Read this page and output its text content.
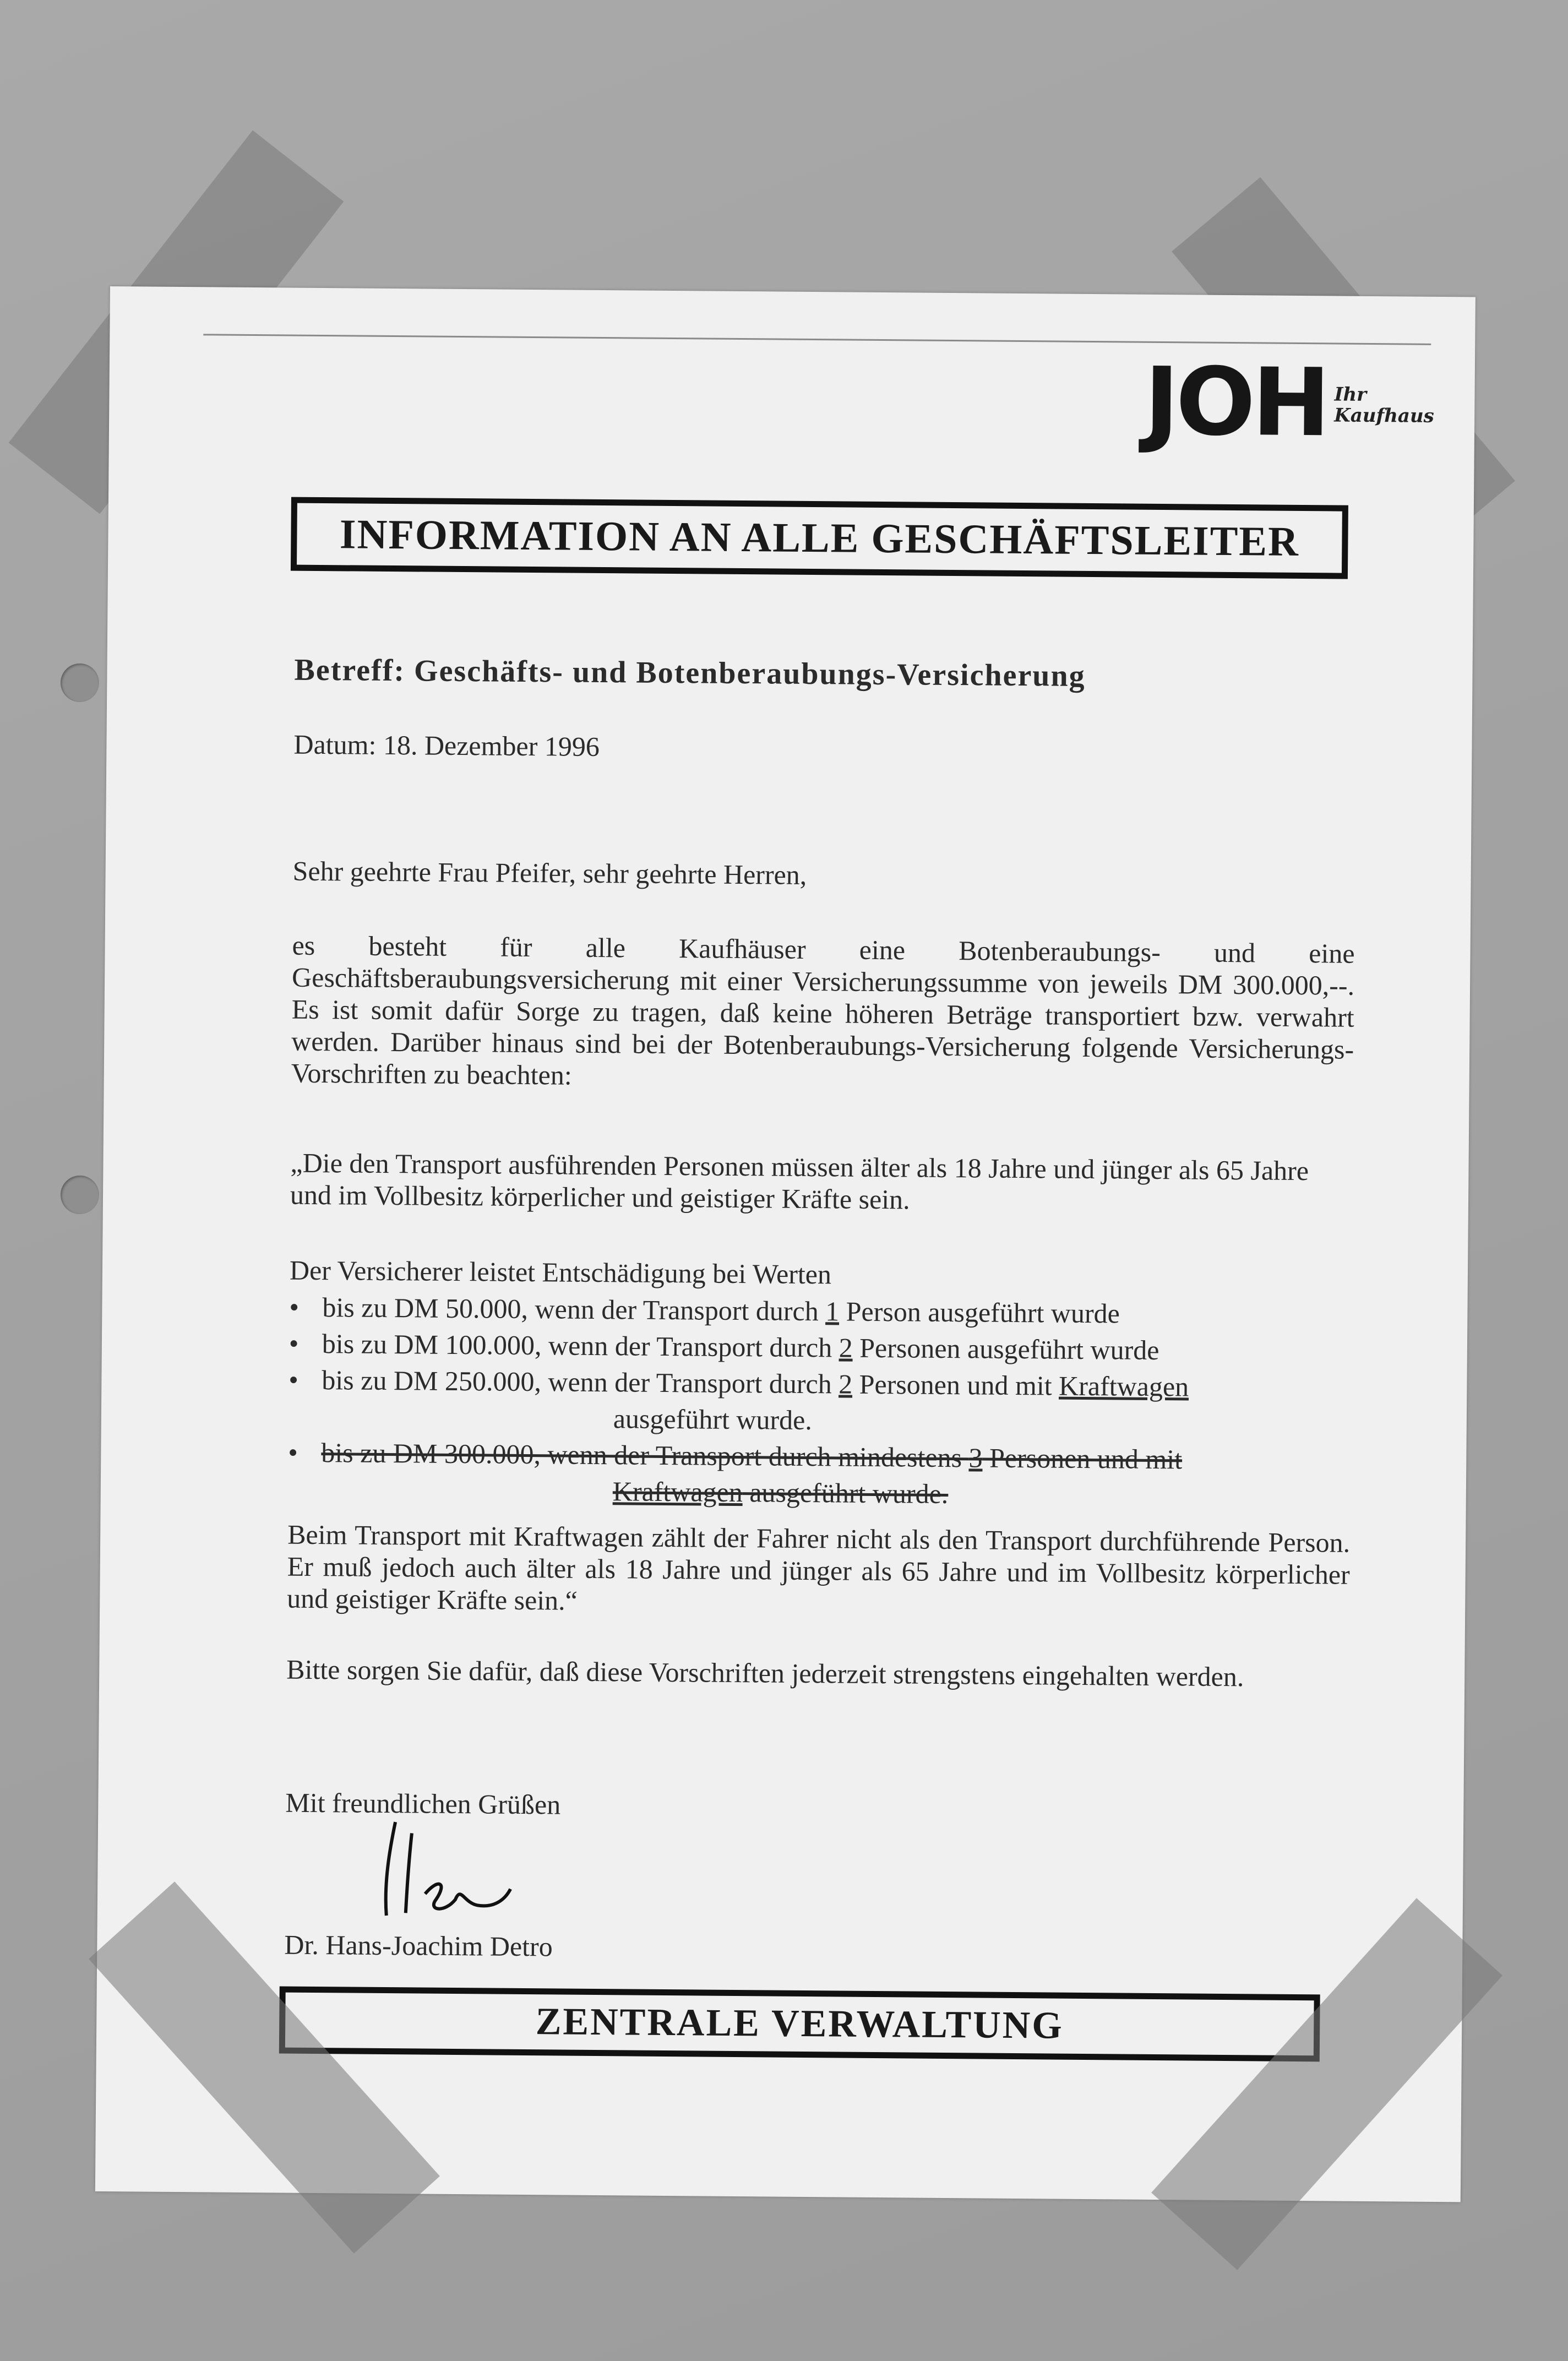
JOH Ihr Kaufhaus
INFORMATION AN ALLE GESCHÄFTSLEITER
Betreff: Geschäfts- und Botenberaubungs-Versicherung
Datum: 18. Dezember 1996
Sehr geehrte Frau Pfeifer, sehr geehrte Herren,
es besteht für alle Kaufhäuser eine Botenberaubungs- und eine Geschäftsberaubungsversicherung mit einer Versicherungssumme von jeweils DM 300.000,--. Es ist somit dafür Sorge zu tragen, daß keine höheren Beträge transportiert bzw. verwahrt werden. Darüber hinaus sind bei der Botenberaubungs-Versicherung folgende Versicherungs-Vorschriften zu beachten:
„Die den Transport ausführenden Personen müssen älter als 18 Jahre und jünger als 65 Jahre und im Vollbesitz körperlicher und geistiger Kräfte sein.
Der Versicherer leistet Entschädigung bei Werten
• bis zu DM 50.000, wenn der Transport durch 1 Person ausgeführt wurde
• bis zu DM 100.000, wenn der Transport durch 2 Personen ausgeführt wurde
• bis zu DM 250.000, wenn der Transport durch 2 Personen und mit Kraftwagen
ausgeführt wurde.
• bis zu DM 300.000, wenn der Transport durch mindestens 3 Personen und mit
Kraftwagen ausgeführt wurde.
Beim Transport mit Kraftwagen zählt der Fahrer nicht als den Transport durchführende Person. Er muß jedoch auch älter als 18 Jahre und jünger als 65 Jahre und im Vollbesitz körperlicher und geistiger Kräfte sein.“
Bitte sorgen Sie dafür, daß diese Vorschriften jederzeit strengstens eingehalten werden.
Mit freundlichen Grüßen
Dr. Hans-Joachim Detro
ZENTRALE VERWALTUNG
